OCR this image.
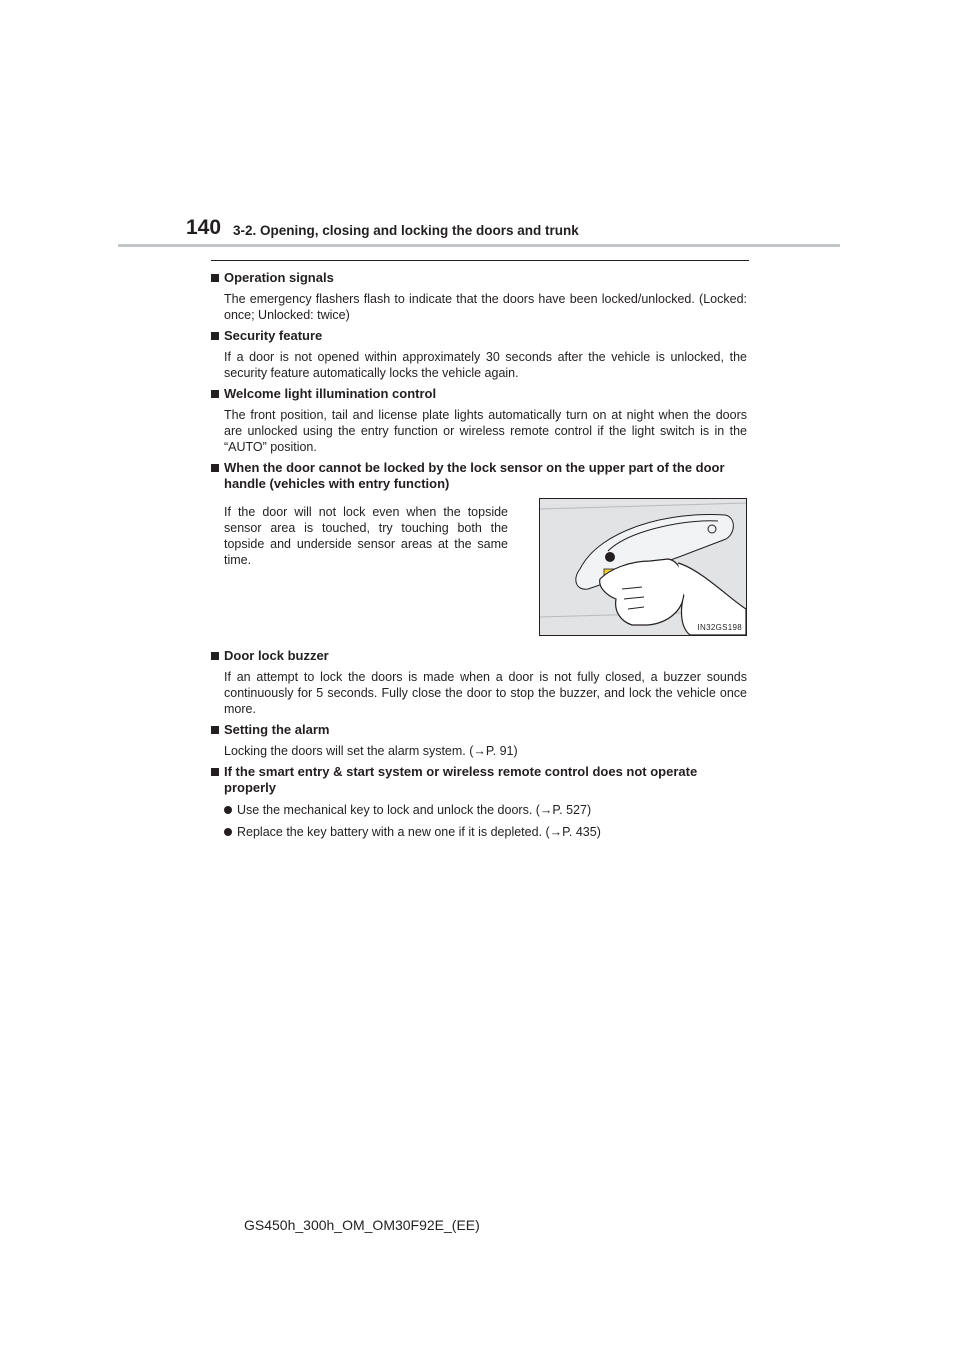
140 3-2. Opening, closing and locking the doors and trunk
Operation signals
The emergency flashers flash to indicate that the doors have been locked/unlocked. (Locked: once; Unlocked: twice)
Security feature
If a door is not opened within approximately 30 seconds after the vehicle is unlocked, the security feature automatically locks the vehicle again.
Welcome light illumination control
The front position, tail and license plate lights automatically turn on at night when the doors are unlocked using the entry function or wireless remote control if the light switch is in the “AUTO” position.
When the door cannot be locked by the lock sensor on the upper part of the door handle (vehicles with entry function)
If the door will not lock even when the topside sensor area is touched, try touching both the topside and underside sensor areas at the same time.
IN32GS198
Door lock buzzer
If an attempt to lock the doors is made when a door is not fully closed, a buzzer sounds continuously for 5 seconds. Fully close the door to stop the buzzer, and lock the vehicle once more.
Setting the alarm
Locking the doors will set the alarm system. (→P. 91)
If the smart entry & start system or wireless remote control does not operate properly
Use the mechanical key to lock and unlock the doors. (→P. 527)
Replace the key battery with a new one if it is depleted. (→P. 435)
GS450h_300h_OM_OM30F92E_(EE)
